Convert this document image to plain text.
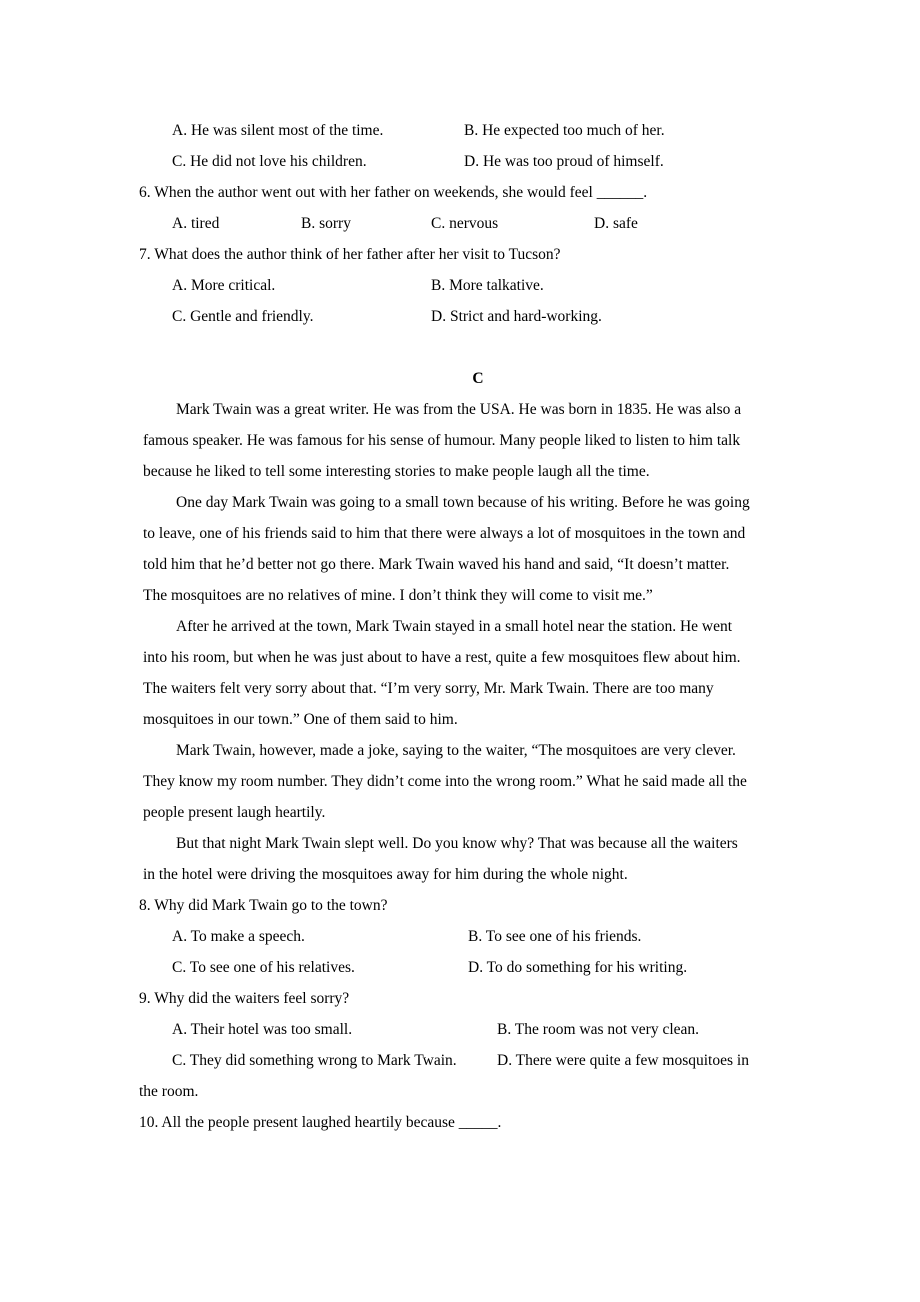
A. He was silent most of the time.	B. He expected too much of her.
C. He did not love his children.	D. He was too proud of himself.
6. When the author went out with her father on weekends, she would feel ______.
A. tired	B. sorry	C. nervous	D. safe
7. What does the author think of her father after her visit to Tucson?
A. More critical.	B. More talkative.
C. Gentle and friendly.	D. Strict and hard-working.
C
Mark Twain was a great writer. He was from the USA. He was born in 1835. He was also a
famous speaker. He was famous for his sense of humour. Many people liked to listen to him talk
because he liked to tell some interesting stories to make people laugh all the time.
One day Mark Twain was going to a small town because of his writing. Before he was going
to leave, one of his friends said to him that there were always a lot of mosquitoes in the town and
told him that he’d better not go there. Mark Twain waved his hand and said, “It doesn’t matter.
The mosquitoes are no relatives of mine. I don’t think they will come to visit me.”
After he arrived at the town, Mark Twain stayed in a small hotel near the station. He went
into his room, but when he was just about to have a rest, quite a few mosquitoes flew about him.
The waiters felt very sorry about that. “I’m very sorry, Mr. Mark Twain. There are too many
mosquitoes in our town.” One of them said to him.
Mark Twain, however, made a joke, saying to the waiter, “The mosquitoes are very clever.
They know my room number. They didn’t come into the wrong room.” What he said made all the
people present laugh heartily.
But that night Mark Twain slept well. Do you know why? That was because all the waiters
in the hotel were driving the mosquitoes away for him during the whole night.
8. Why did Mark Twain go to the town?
A. To make a speech.	B. To see one of his friends.
C. To see one of his relatives.	D. To do something for his writing.
9. Why did the waiters feel sorry?
A. Their hotel was too small.	B. The room was not very clean.
C. They did something wrong to Mark Twain.	D. There were quite a few mosquitoes in
the room.
10. All the people present laughed heartily because _____.
